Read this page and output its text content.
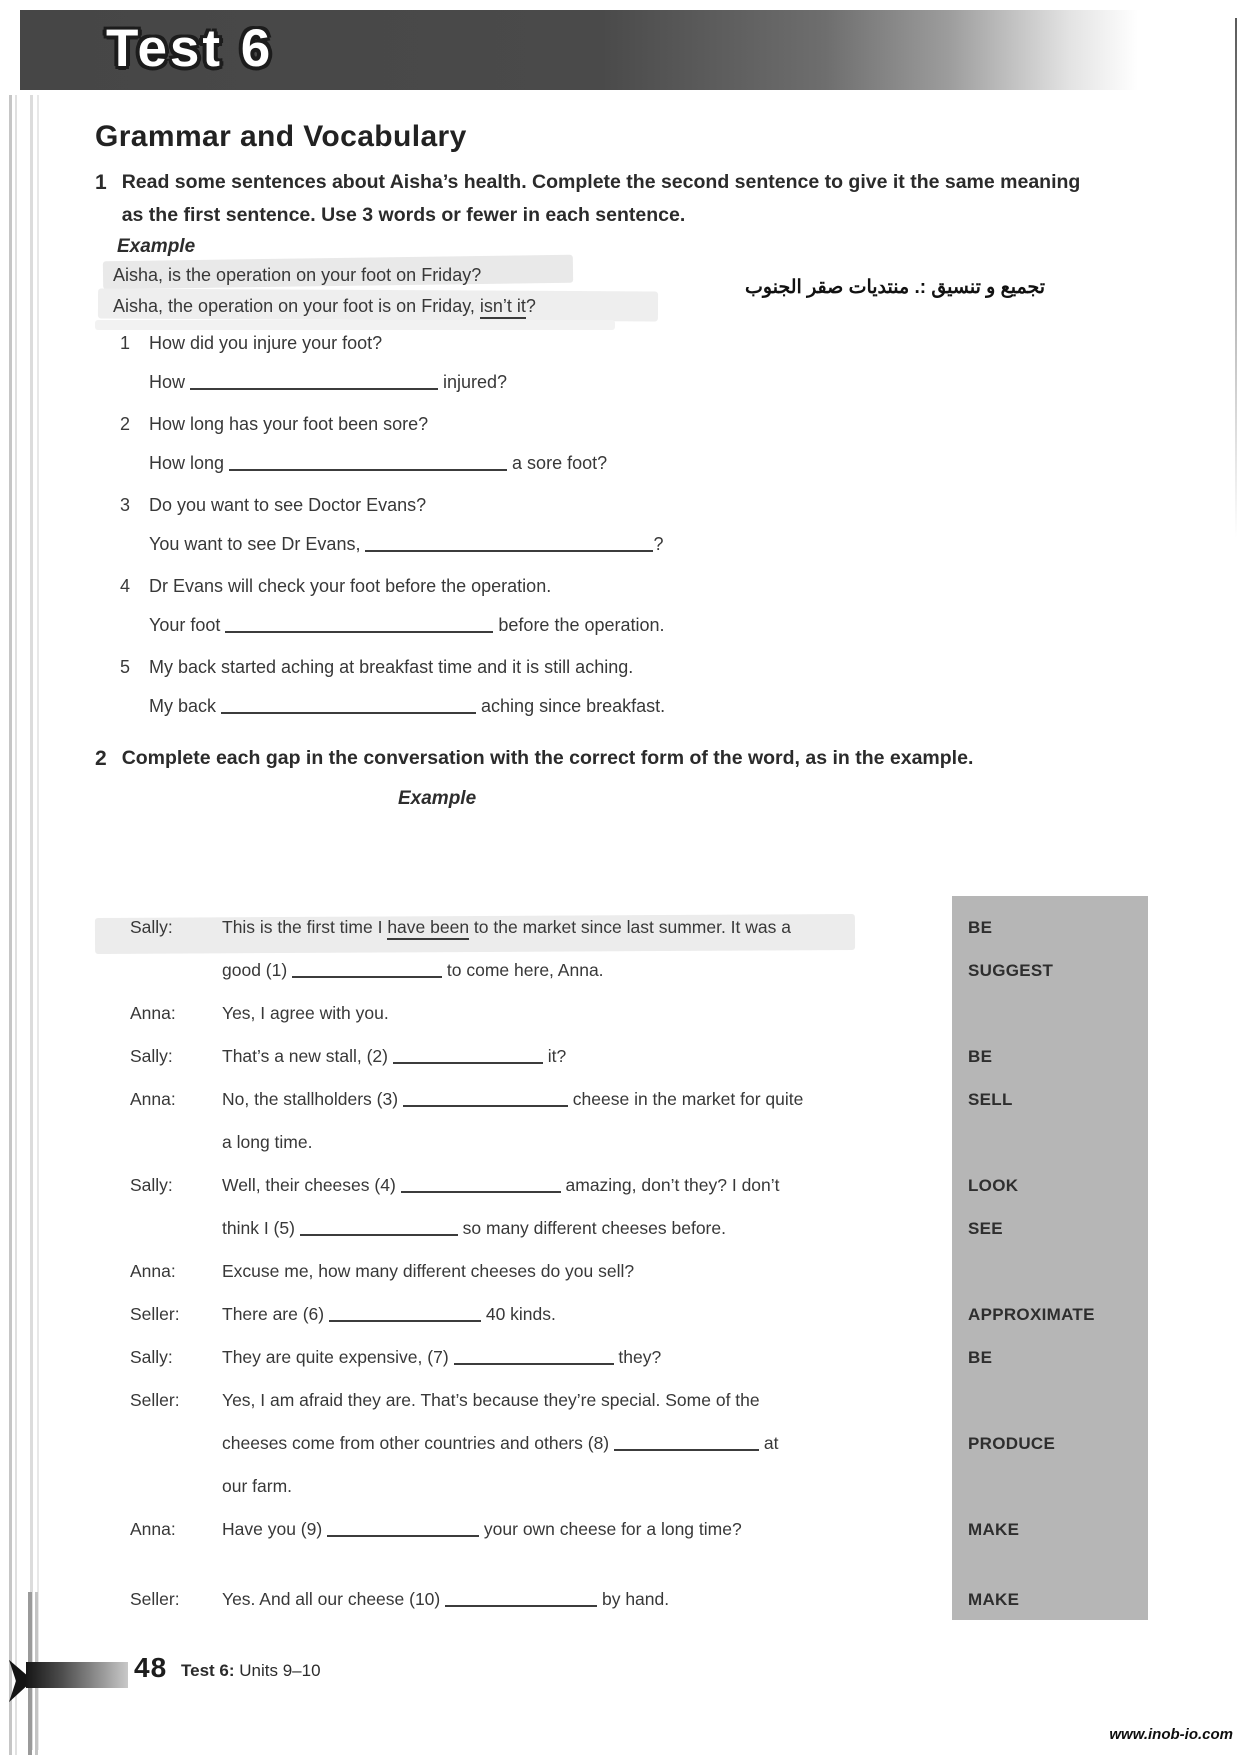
Test 6
Grammar and Vocabulary
1 Read some sentences about Aisha’s health. Complete the second sentence to give it the same meaning as the first sentence. Use 3 words or fewer in each sentence.
Example
Aisha, is the operation on your foot on Friday?
Aisha, the operation on your foot is on Friday, isn’t it?
تجميع و تنسيق :. منتديات صقر الجنوب
1 How did you injure your foot?
How	injured?
2 How long has your foot been sore?
How long	a sore foot?
3 Do you want to see Doctor Evans?
You want to see Dr Evans,	?
4 Dr Evans will check your foot before the operation.
Your foot	before the operation.
5 My back started aching at breakfast time and it is still aching.
My back	aching since breakfast.
2 Complete each gap in the conversation with the correct form of the word, as in the example.
Example
Sally:	This is the first time I have been to the market since last summer. It was a	BE
good (1)	to come here, Anna.	SUGGEST
Anna:	Yes, I agree with you.
Sally:	That’s a new stall, (2)	it?	BE
Anna:	No, the stallholders (3)	cheese in the market for quite	SELL
a long time.
Sally:	Well, their cheeses (4)	amazing, don’t they? I don’t	LOOK
think I (5)	so many different cheeses before.	SEE
Anna:	Excuse me, how many different cheeses do you sell?
Seller:	There are (6)	40 kinds.	APPROXIMATE
Sally:	They are quite expensive, (7)	they?	BE
Seller:	Yes, I am afraid they are. That’s because they’re special. Some of the
cheeses come from other countries and others (8)	at	PRODUCE
our farm.
Anna:	Have you (9)	your own cheese for a long time?	MAKE
Seller:	Yes. And all our cheese (10)	by hand.	MAKE
48 Test 6: Units 9–10
www.inob-io.com
